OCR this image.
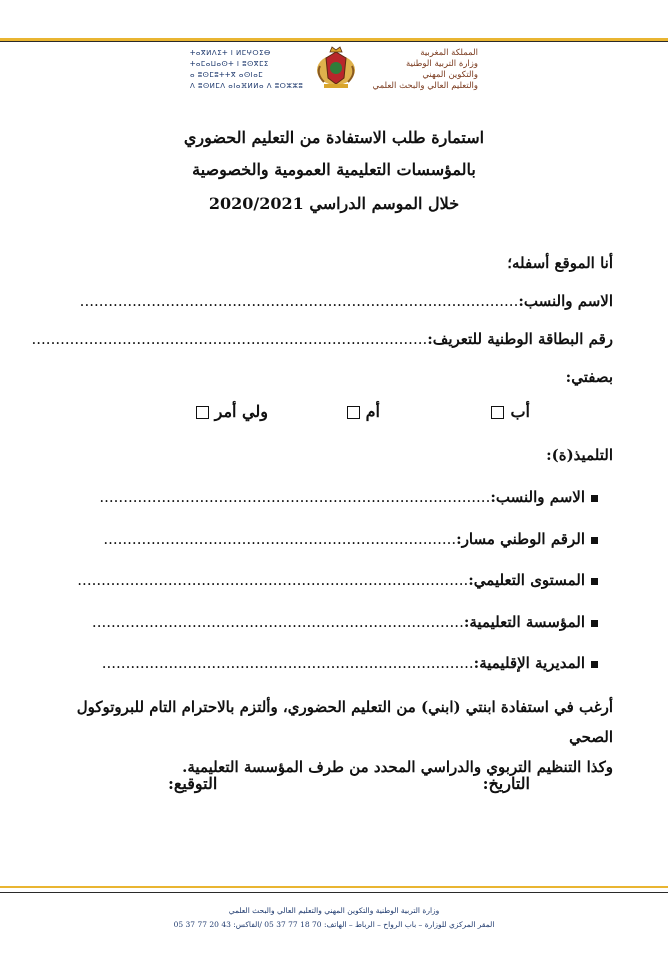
ⵜⴰⴳⵍⴷⵉⵜ ⵏ ⵍⵎⵖⵔⵉⴱ
ⵜⴰⵎⴰⵡⴰⵙⵜ ⵏ ⵓⵙⴳⵎⵉ
ⴰ ⵓⵙⵎⵓⵜⵜⴳ ⴰⵙⵏⴰⵎ
ⴷ ⵓⵙⵍⵎⴷ ⴰⵏⴰⴼⵍⵍⴰ ⴷ ⵓⵔⵣⵣⵓ
المملكة المغربية
وزارة التربية الوطنية
والتكوين المهني
والتعليم العالي والبحث العلمي
استمارة طلب الاستفادة من التعليم الحضوري
بالمؤسسات التعليمية العمومية والخصوصية
خلال الموسم الدراسي 2020/2021
أنا الموقع أسفله؛
الاسم والنسب:............................................................................................
رقم البطاقة الوطنية للتعريف:...................................................................................
بصفتي:
أب
أم
ولي أمر
التلميذ(ة):
الاسم والنسب:..................................................................................
الرقم الوطني مسار:..........................................................................
المستوى التعليمي:..................................................................................
المؤسسة التعليمية:..............................................................................
المديرية الإقليمية:..............................................................................
أرغب في استفادة ابنتي (ابني) من التعليم الحضوري، وألتزم بالاحترام التام للبروتوكول الصحي
وكذا التنظيم التربوي والدراسي المحدد من طرف المؤسسة التعليمية.
التاريخ:
التوقيع:
وزارة التربية الوطنية والتكوين المهني والتعليم العالي والبحث العلمي
المقر المركزي للوزارة – باب الرواح – الرباط – الهاتف: 70 18 77 37 05 /الفاكس: 43 20 77 37 05
